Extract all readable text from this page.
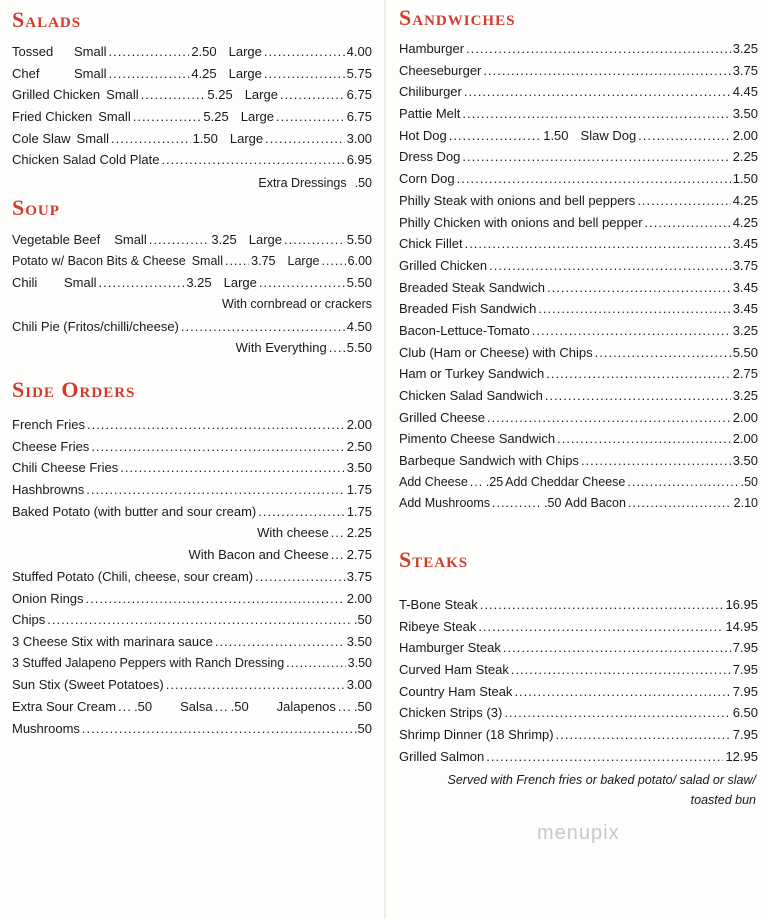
Salads
Tossed	Small .....	2.50 Large .....	4.00
Chef	Small .....	4.25 Large .....	5.75
Grilled Chicken Small .....	5.25 Large .....	6.75
Fried Chicken Small .....	5.25 Large .....	6.75
Cole Slaw Small .....	1.50 Large .....	3.00
Chicken Salad Cold Plate .....	6.95
Extra Dressings .50
Soup
Vegetable Beef Small .....	3.25 Large .....	5.50
Potato w/ Bacon Bits & Cheese Small ..... 3.75 Large ..... 6.00
Chili	Small .....	3.25 Large .....	5.50
With cornbread or crackers
Chili Pie (Fritos/chilli/cheese) .....	4.50
With Everything ..... 5.50
Side Orders
French Fries .....	2.00
Cheese Fries .....	2.50
Chili Cheese Fries .....	3.50
Hashbrowns .....	1.75
Baked Potato (with butter and sour cream) .....	1.75
With cheese ..... 2.25
With Bacon and Cheese ..... 2.75
Stuffed Potato (Chili, cheese, sour cream) .....	3.75
Onion Rings .....	2.00
Chips .....	.50
3 Cheese Stix with marinara sauce .....	3.50
3 Stuffed Jalapeno Peppers with Ranch Dressing .....	3.50
Sun Stix (Sweet Potatoes) .....	3.00
Extra Sour Cream ..... .50 Salsa ..... .50 Jalapenos ..... .50
Mushrooms .....	.50
Sandwiches
Hamburger .....	3.25
Cheeseburger .....	3.75
Chiliburger .....	4.45
Pattie Melt .....	3.50
Hot Dog .....	1.50 Slaw Dog .....	2.00
Dress Dog .....	2.25
Corn Dog .....	1.50
Philly Steak with onions and bell peppers .....	4.25
Philly Chicken with onions and bell pepper .....	4.25
Chick Fillet .....	3.45
Grilled Chicken .....	3.75
Breaded Steak Sandwich .....	3.45
Breaded Fish Sandwich .....	3.45
Bacon-Lettuce-Tomato .....	3.25
Club (Ham or Cheese) with Chips .....	5.50
Ham or Turkey Sandwich .....	2.75
Chicken Salad Sandwich .....	3.25
Grilled Cheese .....	2.00
Pimento Cheese Sandwich .....	2.00
Barbeque Sandwich with Chips .....	3.50
Add Cheese ..... .25 Add Cheddar Cheese .....	.50
Add Mushrooms .....	.50 Add Bacon .....	2.10
Steaks
T-Bone Steak .....	16.95
Ribeye Steak .....	14.95
Hamburger Steak .....	7.95
Curved Ham Steak .....	7.95
Country Ham Steak .....	7.95
Chicken Strips (3) .....	6.50
Shrimp Dinner (18 Shrimp) .....	7.95
Grilled Salmon .....	12.95
Served with French fries or baked potato/ salad or slaw/ toasted bun
menupix
